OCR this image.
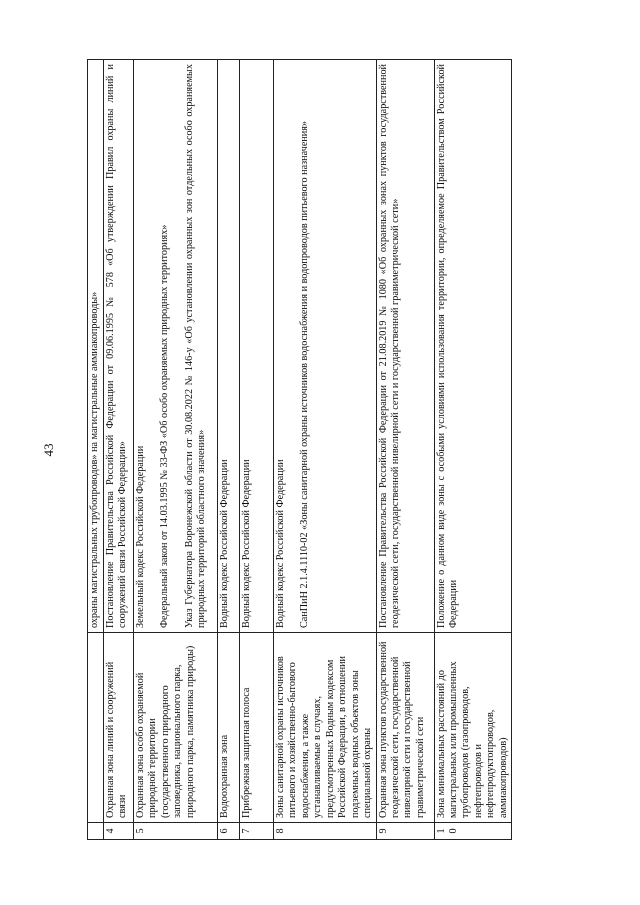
43

		охраны магистральных трубопроводов» на магистральные аммиакопроводы»

4	Охранная зона линий и сооружений связи	Постановление Правительства Российской Федерации от 09.06.1995 № 578 «Об утверждении Правил охраны линий и сооружений связи Российской Федерации»

5	Охранная зона особо охраняемой природной территории (государственного природного заповедника, национального парка, природного парка, памятника природы)	Земельный кодекс Российской Федерации Федеральный закон от 14.03.1995 № 33-ФЗ «Об особо охраняемых природных территориях» Указ Губернатора Воронежской области от 30.08.2022 № 146-у «Об установлении охранных зон отдельных особо охраняемых природных территорий областного значения»

6	Водоохранная зона	Водный кодекс Российской Федерации

7	Прибрежная защитная полоса	Водный кодекс Российской Федерации

8	Зоны санитарной охраны источников питьевого и хозяйственно-бытового водоснабжения, а также устанавливаемые в случаях, предусмотренных Водным кодексом Российской Федерации, в отношении подземных водных объектов зоны специальной охраны	Водный кодекс Российской Федерации СанПиН 2.1.4.1110-02 «Зоны санитарной охраны источников водоснабжения и водопроводов питьевого назначения»

9	Охранная зона пунктов государственной геодезической сети, государственной нивелирной сети и государственной гравиметрической сети	Постановление Правительства Российской Федерации от 21.08.2019 № 1080 «Об охранных зонах пунктов государственной геодезической сети, государственной нивелирной сети и государственной гравиметрической сети»

10	Зона минимальных расстояний до магистральных или промышленных трубопроводов (газопроводов, нефтепроводов и нефтепродуктопроводов, аммиакопроводов)	Положение о данном виде зоны с особыми условиями использования территории, определяемое Правительством Российской Федерации
